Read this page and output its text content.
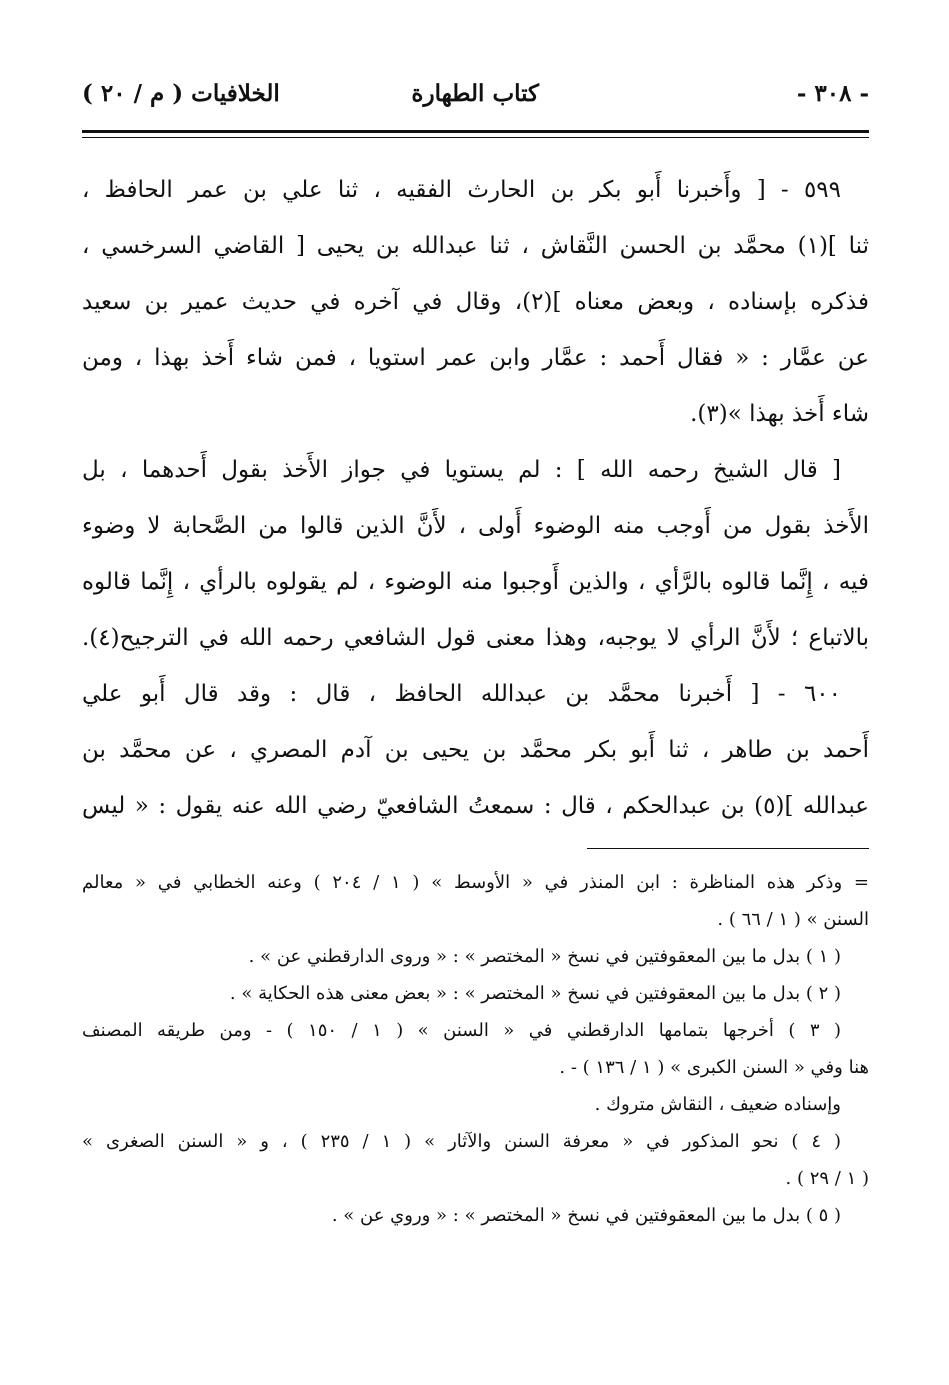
- ٣٠٨ -
كتاب الطهارة
الخلافيات ( م / ٢٠ )
٥٩٩ - [ وأَخبرنا أَبو بكر بن الحارث الفقيه ، ثنا علي بن عمر الحافظ ،
ثنا ](١) محمَّد بن الحسن النَّقاش ، ثنا عبدالله بن يحيى [ القاضي السرخسي ،
فذكره بإسناده ، وبعض معناه ](٢)، وقال في آخره في حديث عمير بن سعيد
عن عمَّار : « فقال أَحمد : عمَّار وابن عمر استويا ، فمن شاء أَخذ بهذا ، ومن
شاء أَخذ بهذا »(٣).
[ قال الشيخ رحمه الله ] : لم يستويا في جواز الأَخذ بقول أَحدهما ، بل
الأَخذ بقول من أَوجب منه الوضوء أَولى ، لأَنَّ الذين قالوا من الصَّحابة لا وضوء
فيه ، إِنَّما قالوه بالرَّأي ، والذين أَوجبوا منه الوضوء ، لم يقولوه بالرأي ، إِنَّما قالوه
بالاتباع ؛ لأَنَّ الرأي لا يوجبه، وهذا معنى قول الشافعي رحمه الله في الترجيح(٤).
٦٠٠ - [ أَخبرنا محمَّد بن عبدالله الحافظ ، قال : وقد قال أَبو علي
أَحمد بن طاهر ، ثنا أَبو بكر محمَّد بن يحيى بن آدم المصري ، عن محمَّد بن
عبدالله ](٥) بن عبدالحكم ، قال : سمعتُ الشافعيّ رضي الله عنه يقول : « ليس
= وذكر هذه المناظرة : ابن المنذر في « الأوسط » ( ١ / ٢٠٤ ) وعنه الخطابي في « معالم
السنن » ( ١ / ٦٦ ) .
( ١ ) بدل ما بين المعقوفتين في نسخ « المختصر » : « وروى الدارقطني عن » .
( ٢ ) بدل ما بين المعقوفتين في نسخ « المختصر » : « بعض معنى هذه الحكاية » .
( ٣ ) أخرجها بتمامها الدارقطني في « السنن » ( ١ / ١٥٠ ) - ومن طريقه المصنف
هنا وفي « السنن الكبرى » ( ١ / ١٣٦ ) - .
وإسناده ضعيف ، النقاش متروك .
( ٤ ) نحو المذكور في « معرفة السنن والآثار » ( ١ / ٢٣٥ ) ، و « السنن الصغرى »
( ١ / ٢٩ ) .
( ٥ ) بدل ما بين المعقوفتين في نسخ « المختصر » : « وروي عن » .
